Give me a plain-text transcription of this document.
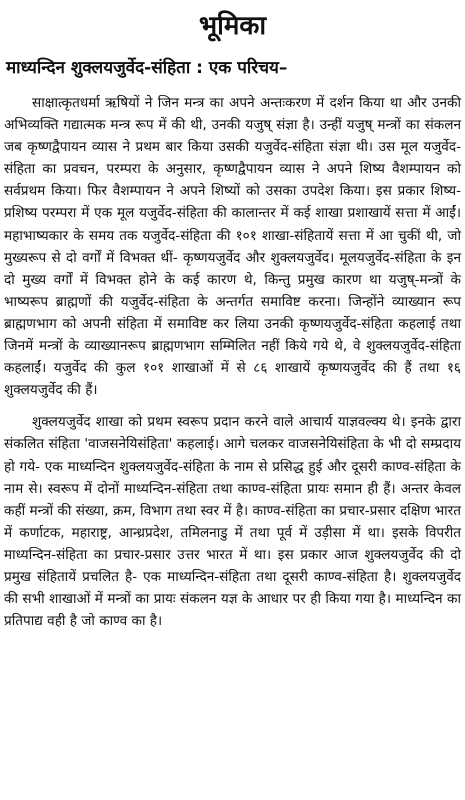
भूमिका
माध्यन्दिन शुक्लयजुर्वेद-संहिता : एक परिचय–

साक्षात्कृतधर्मा ऋषियों ने जिन मन्त्र का अपने अन्तःकरण में दर्शन किया था और उनकी अभिव्यक्ति गद्यात्मक मन्त्र रूप में की थी, उनकी यजुष् संज्ञा है। उन्हीं यजुष् मन्त्रों का संकलन जब कृष्णद्वैपायन व्यास ने प्रथम बार किया उसकी यजुर्वेद-संहिता संज्ञा थी। उस मूल यजुर्वेद-संहिता का प्रवचन, परम्परा के अनुसार, कृष्णद्वैपायन व्यास ने अपने शिष्य वैशम्पायन को सर्वप्रथम किया। फिर वैशम्पायन ने अपने शिष्यों को उसका उपदेश किया। इस प्रकार शिष्य-प्रशिष्य परम्परा में एक मूल यजुर्वेद-संहिता की कालान्तर में कई शाखा प्रशाखायें सत्ता में आईं। महाभाष्यकार के समय तक यजुर्वेद-संहिता की १०१ शाखा-संहितायें सत्ता में आ चुकीं थी, जो मुख्यरूप से दो वर्गों में विभक्त थीं- कृष्णयजुर्वेद और शुक्लयजुर्वेद। मूलयजुर्वेद-संहिता के इन दो मुख्य वर्गों में विभक्त होने के कई कारण थे, किन्तु प्रमुख कारण था यजुष्-मन्त्रों के भाष्यरूप ब्राह्मणों की यजुर्वेद-संहिता के अन्तर्गत समाविष्ट करना। जिन्होंने व्याख्यान रूप ब्राह्मणभाग को अपनी संहिता में समाविष्ट कर लिया उनकी कृष्णयजुर्वेद-संहिता कहलाई तथा जिनमें मन्त्रों के व्याख्यानरूप ब्राह्मणभाग सम्मिलित नहीं किये गये थे, वे शुक्लयजुर्वेद-संहिता कहलाईं। यजुर्वेद की कुल १०१ शाखाओं में से ८६ शाखायें कृष्णयजुर्वेद की हैं तथा १६ शुक्लयजुर्वेद की हैं।

शुक्लयजुर्वेद शाखा को प्रथम स्वरूप प्रदान करने वाले आचार्य याज्ञवल्क्य थे। इनके द्वारा संकलित संहिता 'वाजसनेयिसंहिता' कहलाई। आगे चलकर वाजसनेयिसंहिता के भी दो सम्प्रदाय हो गये- एक माध्यन्दिन शुक्लयजुर्वेद-संहिता के नाम से प्रसिद्ध हुई और दूसरी काण्व-संहिता के नाम से। स्वरूप में दोनों माध्यन्दिन-संहिता तथा काण्व-संहिता प्रायः समान ही हैं। अन्तर केवल कहीं मन्त्रों की संख्या, क्रम, विभाग तथा स्वर में है। काण्व-संहिता का प्रचार-प्रसार दक्षिण भारत में कर्णाटक, महाराष्ट्र, आन्ध्रप्रदेश, तमिलनाडु में तथा पूर्व में उड़ीसा में था। इसके विपरीत माध्यन्दिन-संहिता का प्रचार-प्रसार उत्तर भारत में था। इस प्रकार आज शुक्लयजुर्वेद की दो प्रमुख संहितायें प्रचलित है- एक माध्यन्दिन-संहिता तथा दूसरी काण्व-संहिता है। शुक्लयजुर्वेद की सभी शाखाओं में मन्त्रों का प्रायः संकलन यज्ञ के आधार पर ही किया गया है। माध्यन्दिन का प्रतिपाद्य वही है जो काण्व का है।
